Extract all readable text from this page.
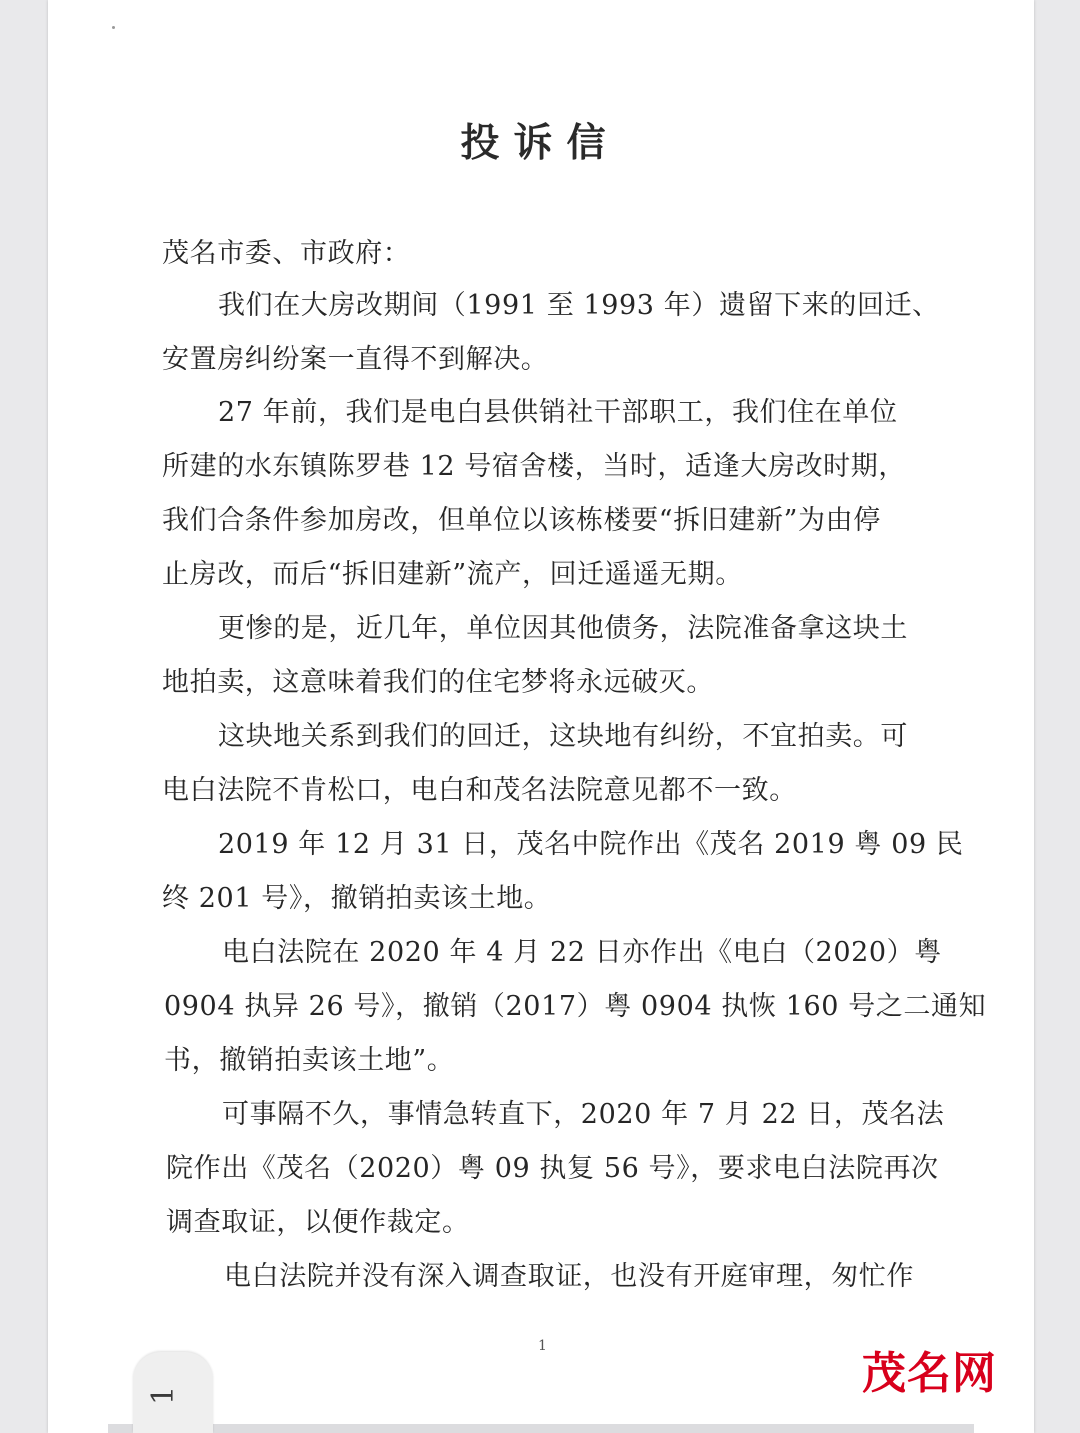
投诉信

茂名市委、市政府：

我们在大房改期间（1991 至 1993 年）遗留下来的回迁、

安置房纠纷案一直得不到解决。

27 年前，我们是电白县供销社干部职工，我们住在单位

所建的水东镇陈罗巷 12 号宿舍楼，当时，适逢大房改时期，

我们合条件参加房改，但单位以该栋楼要“拆旧建新”为由停

止房改，而后“拆旧建新”流产，回迁遥遥无期。

更惨的是，近几年，单位因其他债务，法院准备拿这块土

地拍卖，这意味着我们的住宅梦将永远破灭。

这块地关系到我们的回迁，这块地有纠纷，不宜拍卖。可

电白法院不肯松口，电白和茂名法院意见都不一致。

2019 年 12 月 31 日，茂名中院作出《茂名 2019 粤 09 民

终 201 号》，撤销拍卖该土地。

电白法院在 2020 年 4 月 22 日亦作出《电白（2020）粤

0904 执异 26 号》，撤销（2017）粤 0904 执恢 160 号之二通知

书，撤销拍卖该土地”。

可事隔不久，事情急转直下，2020 年 7 月 22 日，茂名法

院作出《茂名（2020）粤 09 执复 56 号》，要求电白法院再次

调查取证，以便作裁定。

电白法院并没有深入调查取证，也没有开庭审理，匆忙作

1
1	茂名网
